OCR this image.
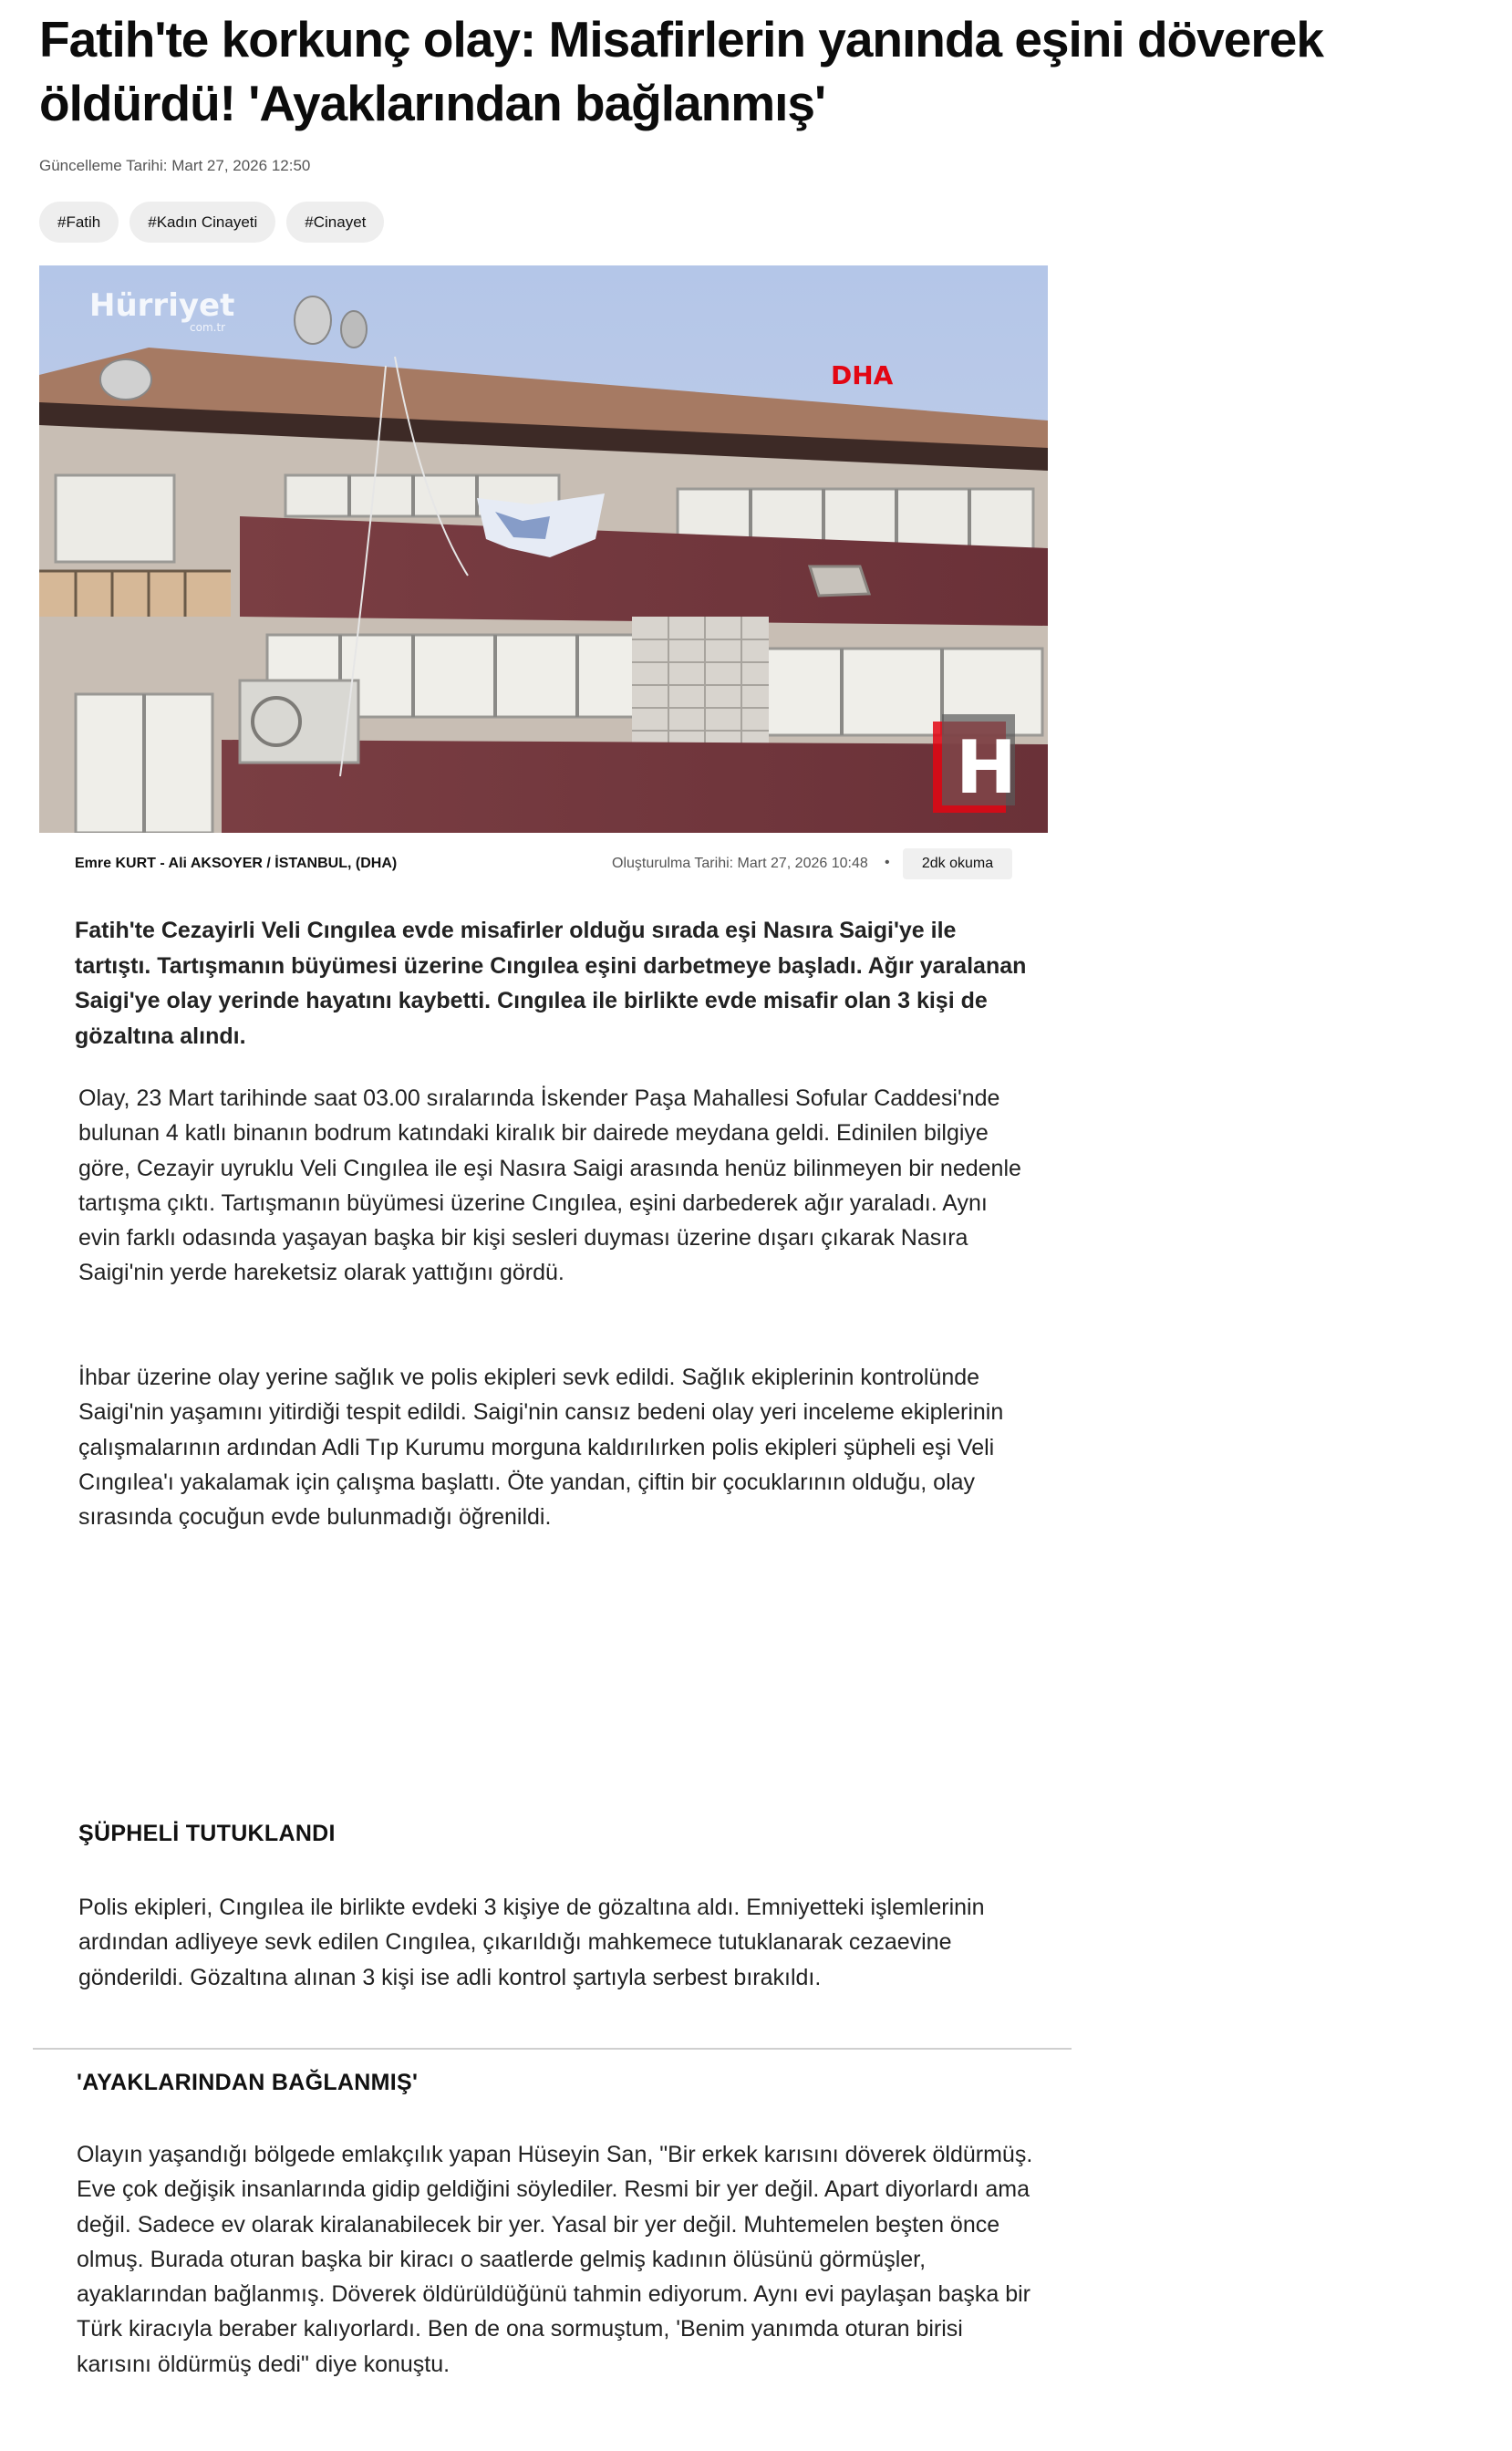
Fatih'te korkunç olay: Misafirlerin yanında eşini döverek öldürdü! 'Ayaklarından bağlanmış'
Güncelleme Tarihi: Mart 27, 2026 12:50
#Fatih	#Kadın Cinayeti	#Cinayet
Hürriyet
com.tr
DHA
H
Emre KURT - Ali AKSOYER / İSTANBUL, (DHA)	Oluşturulma Tarihi: Mart 27, 2026 10:48 •	2dk okuma

Fatih'te Cezayirli Veli Cıngılea evde misafirler olduğu sırada eşi Nasıra Saigi'ye ile tartıştı. Tartışmanın büyümesi üzerine Cıngılea eşini darbetmeye başladı. Ağır yaralanan Saigi'ye olay yerinde hayatını kaybetti. Cıngılea ile birlikte evde misafir olan 3 kişi de gözaltına alındı.

Olay, 23 Mart tarihinde saat 03.00 sıralarında İskender Paşa Mahallesi Sofular Caddesi'nde bulunan 4 katlı binanın bodrum katındaki kiralık bir dairede meydana geldi. Edinilen bilgiye göre, Cezayir uyruklu Veli Cıngılea ile eşi Nasıra Saigi arasında henüz bilinmeyen bir nedenle tartışma çıktı. Tartışmanın büyümesi üzerine Cıngılea, eşini darbederek ağır yaraladı. Aynı evin farklı odasında yaşayan başka bir kişi sesleri duyması üzerine dışarı çıkarak Nasıra Saigi'nin yerde hareketsiz olarak yattığını gördü.

İhbar üzerine olay yerine sağlık ve polis ekipleri sevk edildi. Sağlık ekiplerinin kontrolünde Saigi'nin yaşamını yitirdiği tespit edildi. Saigi'nin cansız bedeni olay yeri inceleme ekiplerinin çalışmalarının ardından Adli Tıp Kurumu morguna kaldırılırken polis ekipleri şüpheli eşi Veli Cıngılea'ı yakalamak için çalışma başlattı. Öte yandan, çiftin bir çocuklarının olduğu, olay sırasında çocuğun evde bulunmadığı öğrenildi.

ŞÜPHELİ TUTUKLANDI

Polis ekipleri, Cıngılea ile birlikte evdeki 3 kişiye de gözaltına aldı. Emniyetteki işlemlerinin ardından adliyeye sevk edilen Cıngılea, çıkarıldığı mahkemece tutuklanarak cezaevine gönderildi. Gözaltına alınan 3 kişi ise adli kontrol şartıyla serbest bırakıldı.

'AYAKLARINDAN BAĞLANMIŞ'

Olayın yaşandığı bölgede emlakçılık yapan Hüseyin San, "Bir erkek karısını döverek öldürmüş. Eve çok değişik insanlarında gidip geldiğini söylediler. Resmi bir yer değil. Apart diyorlardı ama değil. Sadece ev olarak kiralanabilecek bir yer. Yasal bir yer değil. Muhtemelen beşten önce olmuş. Burada oturan başka bir kiracı o saatlerde gelmiş kadının ölüsünü görmüşler, ayaklarından bağlanmış. Döverek öldürüldüğünü tahmin ediyorum. Aynı evi paylaşan başka bir Türk kiracıyla beraber kalıyorlardı. Ben de ona sormuştum, 'Benim yanımda oturan birisi karısını öldürmüş dedi" diye konuştu.
